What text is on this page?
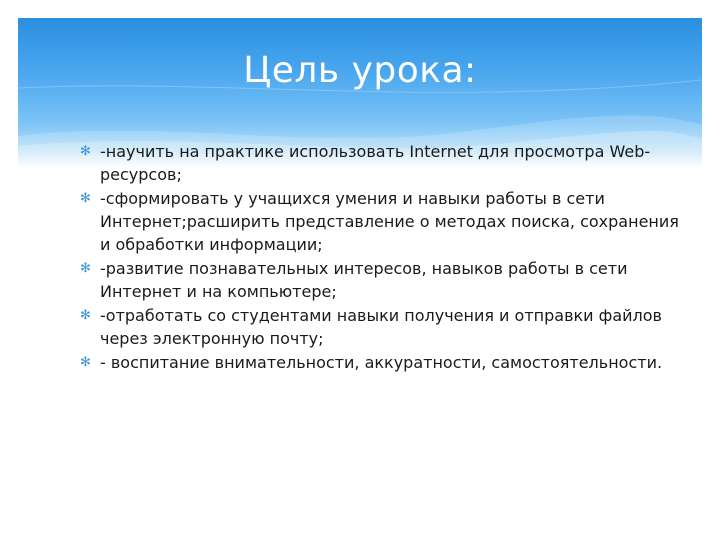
Цель урока:
✻ -научить на практике использовать Internet для просмотра Web-ресурсов;
✻ -сформировать у учащихся умения и навыки работы в сети Интернет;расширить представление о методах поиска, сохранения и обработки информации;
✻ -развитие познавательных интересов, навыков работы в сети Интернет и на компьютере;
✻ -отработать со студентами навыки получения и отправки файлов через электронную почту;
✻ - воспитание внимательности, аккуратности, самостоятельности.
